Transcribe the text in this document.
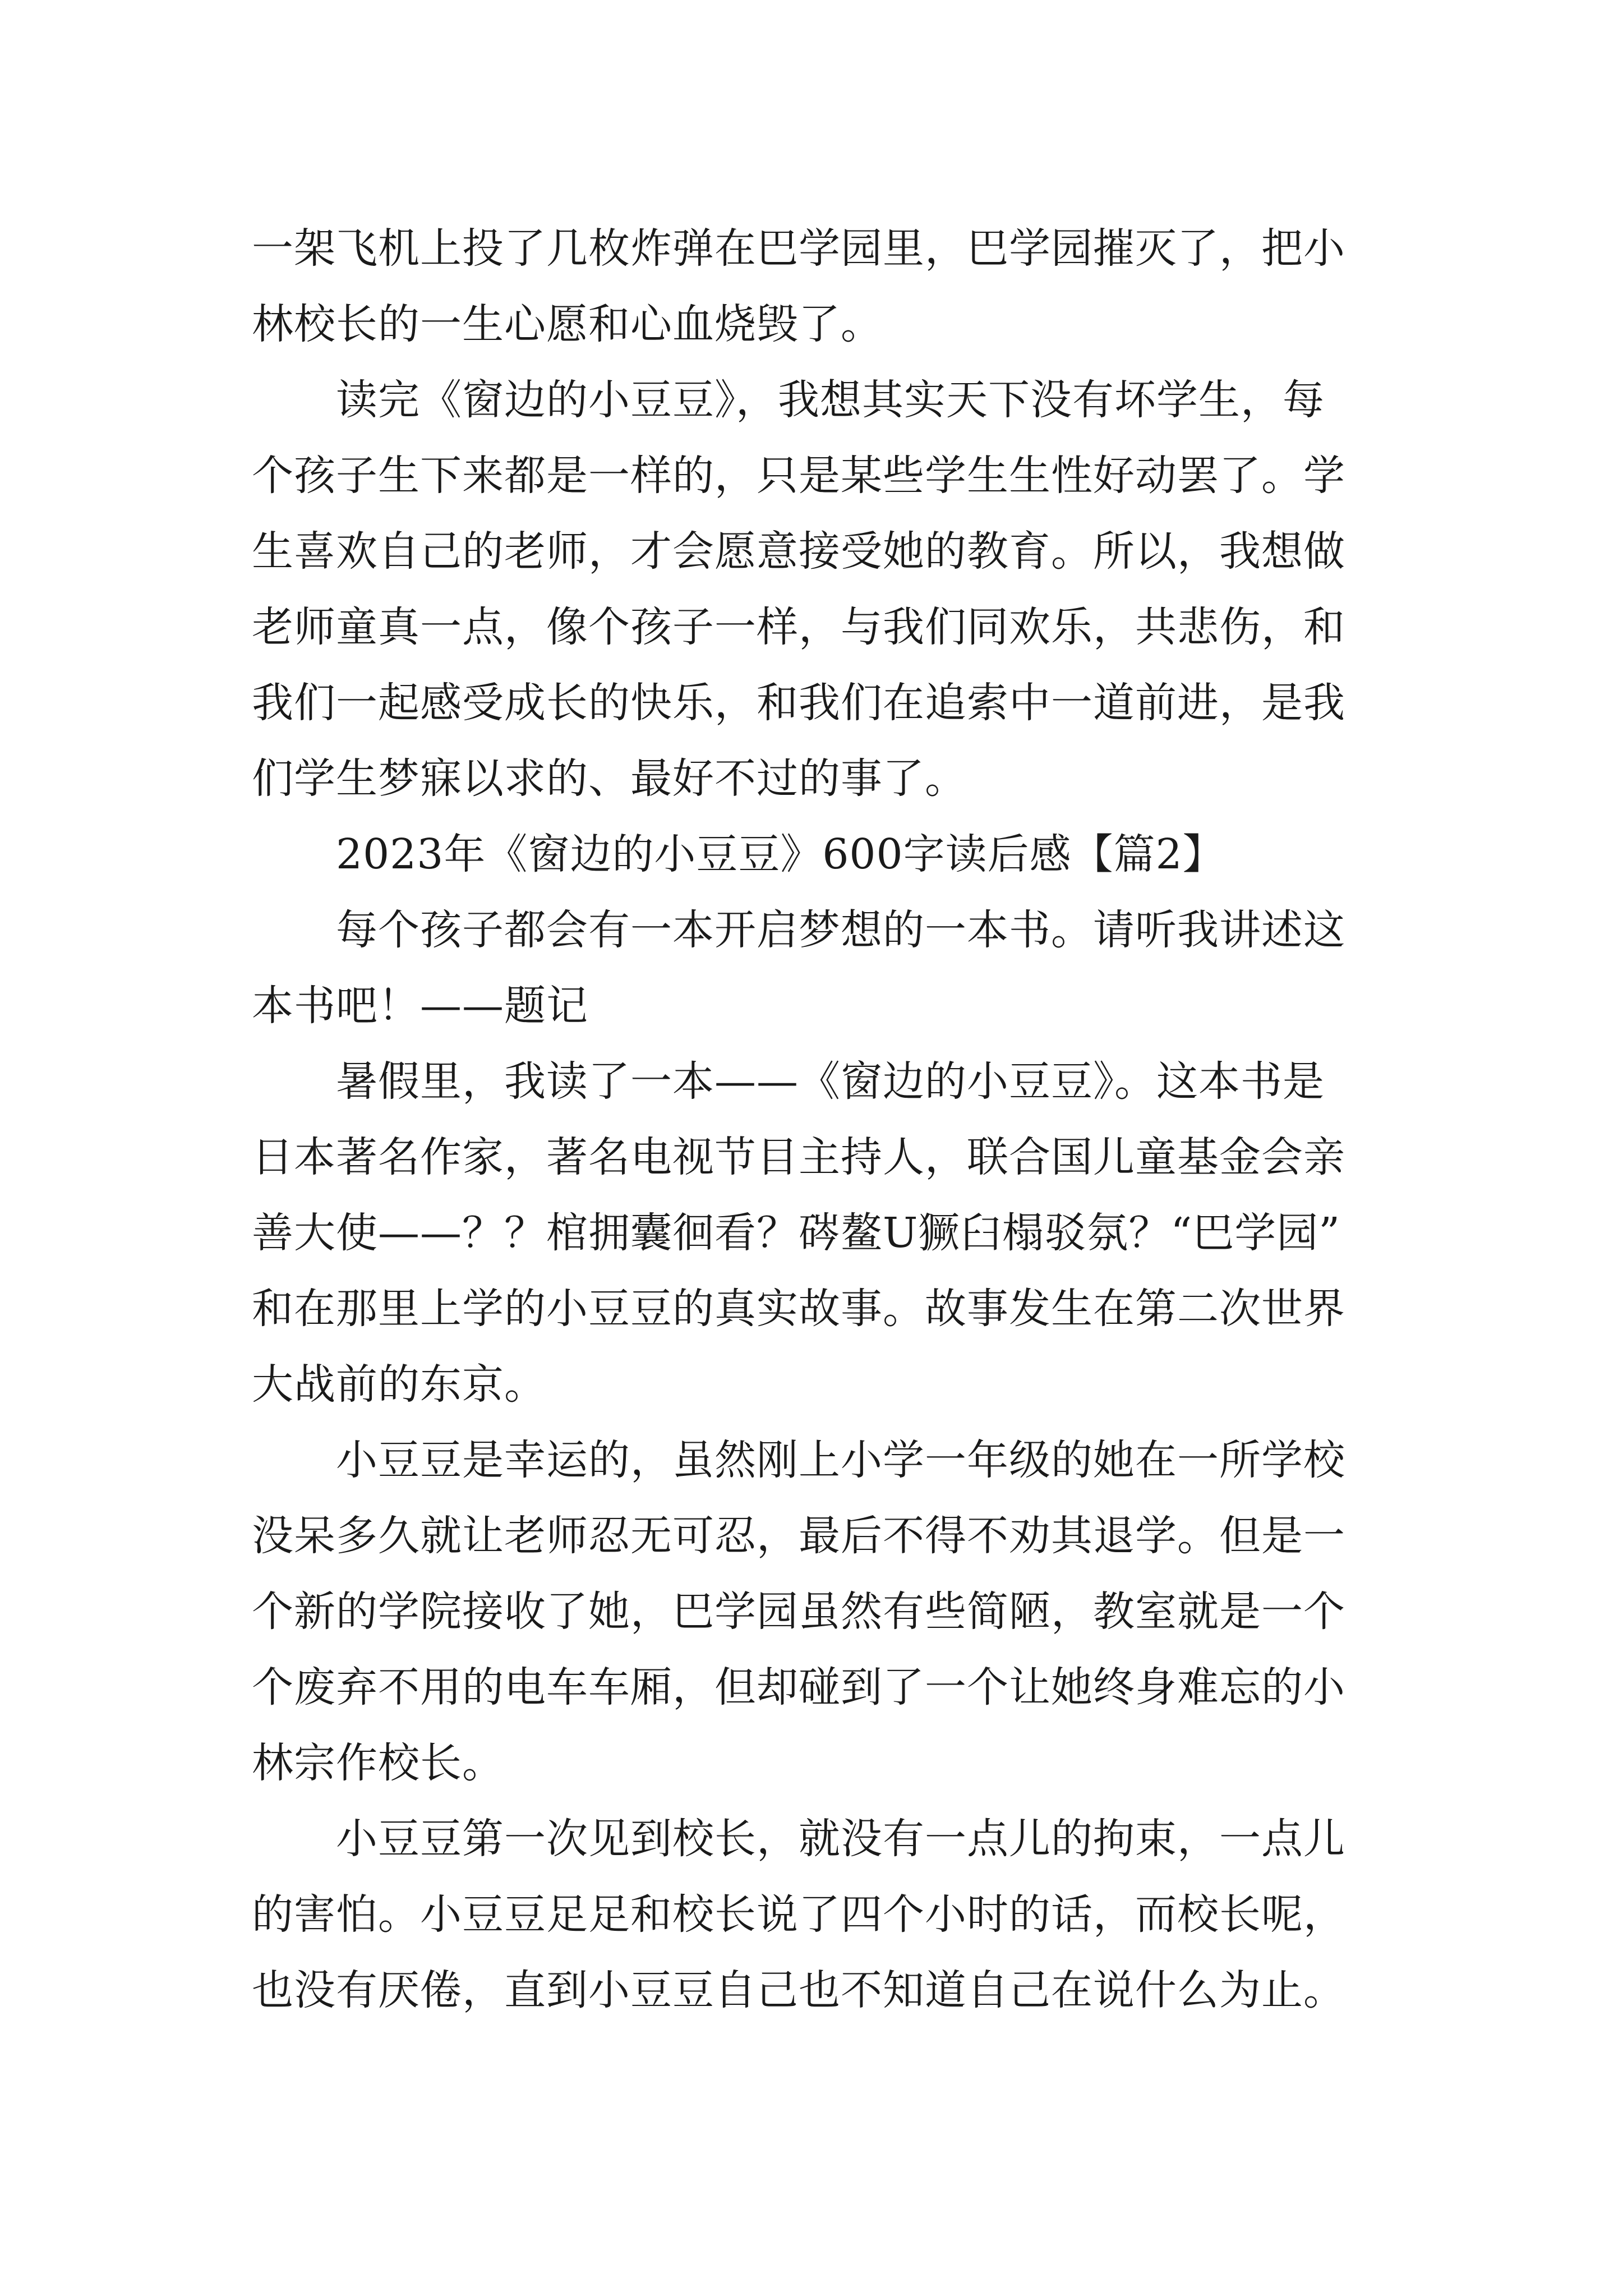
一架飞机上投了几枚炸弹在巴学园里，巴学园摧灭了，把小
林校长的一生心愿和心血烧毁了。
读完《窗边的小豆豆》，我想其实天下没有坏学生，每
个孩子生下来都是一样的，只是某些学生生性好动罢了。学
生喜欢自己的老师，才会愿意接受她的教育。所以，我想做
老师童真一点，像个孩子一样，与我们同欢乐，共悲伤，和
我们一起感受成长的快乐，和我们在追索中一道前进，是我
们学生梦寐以求的、最好不过的事了。
2023年《窗边的小豆豆》600字读后感【篇2】
每个孩子都会有一本开启梦想的一本书。请听我讲述这
本书吧！——题记
暑假里，我读了一本——《窗边的小豆豆》。这本书是
日本著名作家，著名电视节目主持人，联合国儿童基金会亲
善大使——？？棺拥囊徊看？硶鳌U獗臼榻驳氛？“巴学园”
和在那里上学的小豆豆的真实故事。故事发生在第二次世界
大战前的东京。
小豆豆是幸运的，虽然刚上小学一年级的她在一所学校
没呆多久就让老师忍无可忍，最后不得不劝其退学。但是一
个新的学院接收了她，巴学园虽然有些简陋，教室就是一个
个废弃不用的电车车厢，但却碰到了一个让她终身难忘的小
林宗作校长。
小豆豆第一次见到校长，就没有一点儿的拘束，一点儿
的害怕。小豆豆足足和校长说了四个小时的话，而校长呢，
也没有厌倦，直到小豆豆自己也不知道自己在说什么为止。
